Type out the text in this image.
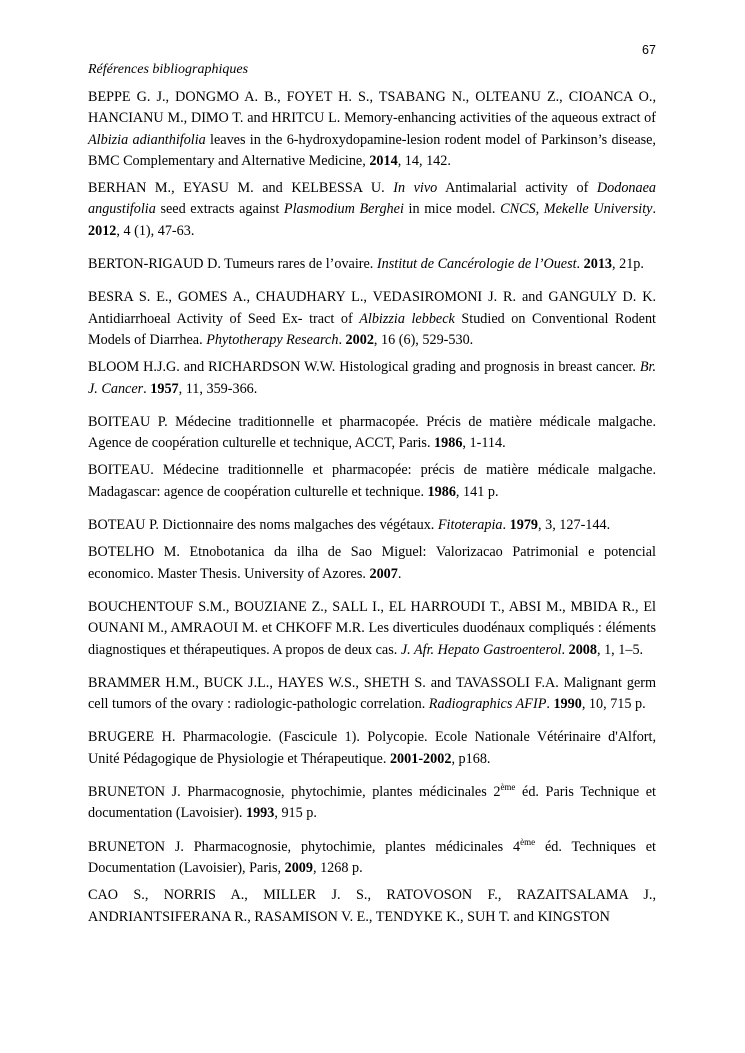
67
Références bibliographiques

BEPPE G. J., DONGMO A. B., FOYET H. S., TSABANG N., OLTEANU Z., CIOANCA O., HANCIANU M., DIMO T. and HRITCU L. Memory-enhancing activities of the aqueous extract of Albizia adianthifolia leaves in the 6-hydroxydopamine-lesion rodent model of Parkinson’s disease, BMC Complementary and Alternative Medicine, 2014, 14, 142.

BERHAN M., EYASU M. and KELBESSA U. In vivo Antimalarial activity of Dodonaea angustifolia seed extracts against Plasmodium Berghei in mice model. CNCS, Mekelle University. 2012, 4 (1), 47-63.

BERTON-RIGAUD D. Tumeurs rares de l’ovaire. Institut de Cancérologie de l’Ouest. 2013, 21p.

BESRA S. E., GOMES A., CHAUDHARY L., VEDASIROMONI J. R. and GANGULY D. K. Antidiarrhoeal Activity of Seed Ex- tract of Albizzia lebbeck Studied on Conventional Rodent Models of Diarrhea. Phytotherapy Research. 2002, 16 (6), 529-530.

BLOOM H.J.G. and RICHARDSON W.W. Histological grading and prognosis in breast cancer. Br. J. Cancer. 1957, 11, 359-366.

BOITEAU P. Médecine traditionnelle et pharmacopée. Précis de matière médicale malgache. Agence de coopération culturelle et technique, ACCT, Paris. 1986, 1-114.

BOITEAU. Médecine traditionnelle et pharmacopée: précis de matière médicale malgache. Madagascar: agence de coopération culturelle et technique. 1986, 141 p.

BOTEAU P. Dictionnaire des noms malgaches des végétaux. Fitoterapia. 1979, 3, 127-144.

BOTELHO M. Etnobotanica da ilha de Sao Miguel: Valorizacao Patrimonial e potencial economico. Master Thesis. University of Azores. 2007.

BOUCHENTOUF S.M., BOUZIANE Z., SALL I., EL HARROUDI T., ABSI M., MBIDA R., El OUNANI M., AMRAOUI M. et CHKOFF M.R. Les diverticules duodénaux compliqués : éléments diagnostiques et thérapeutiques. A propos de deux cas. J. Afr. Hepato Gastroenterol. 2008, 1, 1–5.

BRAMMER H.M., BUCK J.L., HAYES W.S., SHETH S. and TAVASSOLI F.A. Malignant germ cell tumors of the ovary : radiologic-pathologic correlation. Radiographics AFIP. 1990, 10, 715 p.

BRUGERE H. Pharmacologie. (Fascicule 1). Polycopie. Ecole Nationale Vétérinaire d'Alfort, Unité Pédagogique de Physiologie et Thérapeutique. 2001-2002, p168.

BRUNETON J. Pharmacognosie, phytochimie, plantes médicinales 2ème éd. Paris Technique et documentation (Lavoisier). 1993, 915 p.

BRUNETON J. Pharmacognosie, phytochimie, plantes médicinales 4ème éd. Techniques et Documentation (Lavoisier), Paris, 2009, 1268 p.

CAO S., NORRIS A., MILLER J. S., RATOVOSON F., RAZAITSALAMA J., ANDRIANTSIFERANA R., RASAMISON V. E., TENDYKE K., SUH T. and KINGSTON
